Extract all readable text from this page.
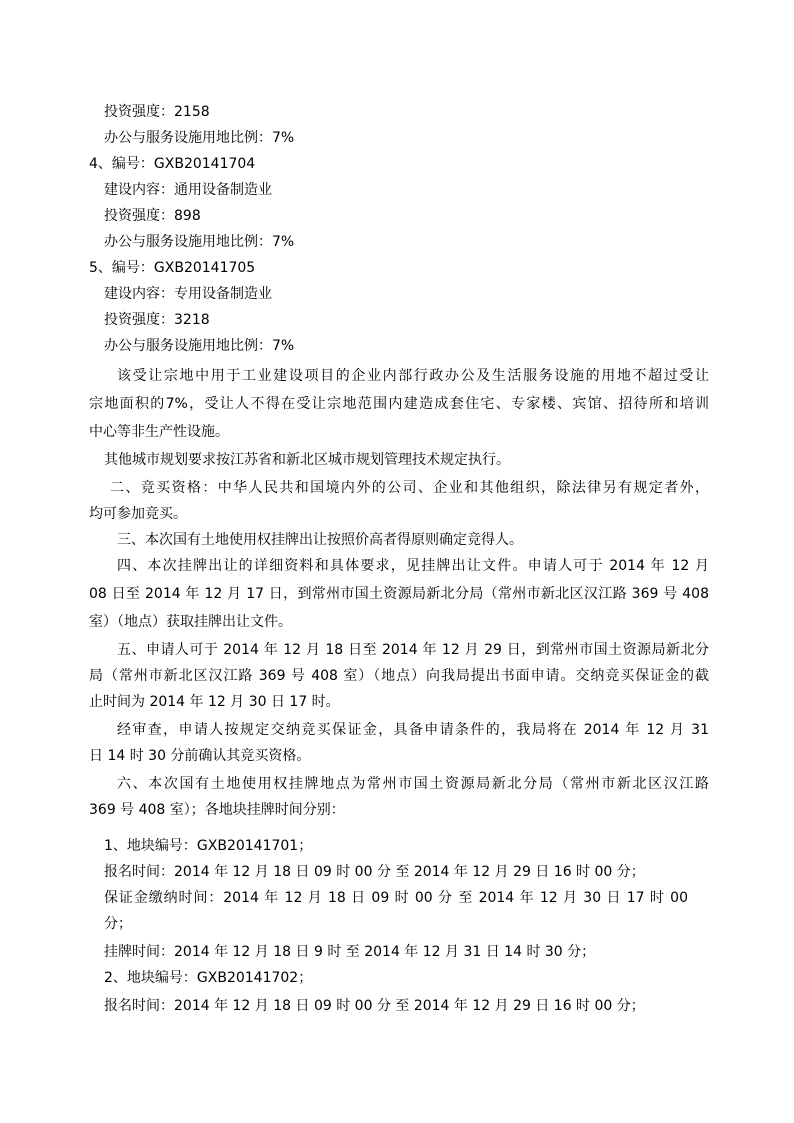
投资强度：2158

办公与服务设施用地比例：7%

4、编号：GXB20141704

建设内容：通用设备制造业

投资强度：898

办公与服务设施用地比例：7%

5、编号：GXB20141705

建设内容：专用设备制造业

投资强度：3218

办公与服务设施用地比例：7%

该受让宗地中用于工业建设项目的企业内部行政办公及生活服务设施的用地不超过受让

宗地面积的7%，受让人不得在受让宗地范围内建造成套住宅、专家楼、宾馆、招待所和培训

中心等非生产性设施。

其他城市规划要求按江苏省和新北区城市规划管理技术规定执行。

二、竞买资格：中华人民共和国境内外的公司、企业和其他组织，除法律另有规定者外，

均可参加竞买。

三、本次国有土地使用权挂牌出让按照价高者得原则确定竞得人。

四、本次挂牌出让的详细资料和具体要求，见挂牌出让文件。申请人可于 2014 年 12 月

08 日至 2014 年 12 月 17 日，到常州市国土资源局新北分局（常州市新北区汉江路 369 号 408

室）（地点）获取挂牌出让文件。

五、申请人可于 2014 年 12 月 18 日至 2014 年 12 月 29 日，到常州市国土资源局新北分

局（常州市新北区汉江路 369 号 408 室）（地点）向我局提出书面申请。交纳竞买保证金的截

止时间为 2014 年 12 月 30 日 17 时。

经审查，申请人按规定交纳竞买保证金，具备申请条件的，我局将在 2014 年 12 月 31

日 14 时 30 分前确认其竞买资格。

六、本次国有土地使用权挂牌地点为常州市国土资源局新北分局（常州市新北区汉江路

369 号 408 室）；各地块挂牌时间分别：

1、地块编号：GXB20141701；

报名时间：2014 年 12 月 18 日 09 时 00 分 至 2014 年 12 月 29 日 16 时 00 分；

保证金缴纳时间：2014 年 12 月 18 日 09 时 00 分 至 2014 年 12 月 30 日 17 时 00

分；

挂牌时间：2014 年 12 月 18 日 9 时 至 2014 年 12 月 31 日 14 时 30 分；

2、地块编号：GXB20141702；

报名时间：2014 年 12 月 18 日 09 时 00 分 至 2014 年 12 月 29 日 16 时 00 分；
